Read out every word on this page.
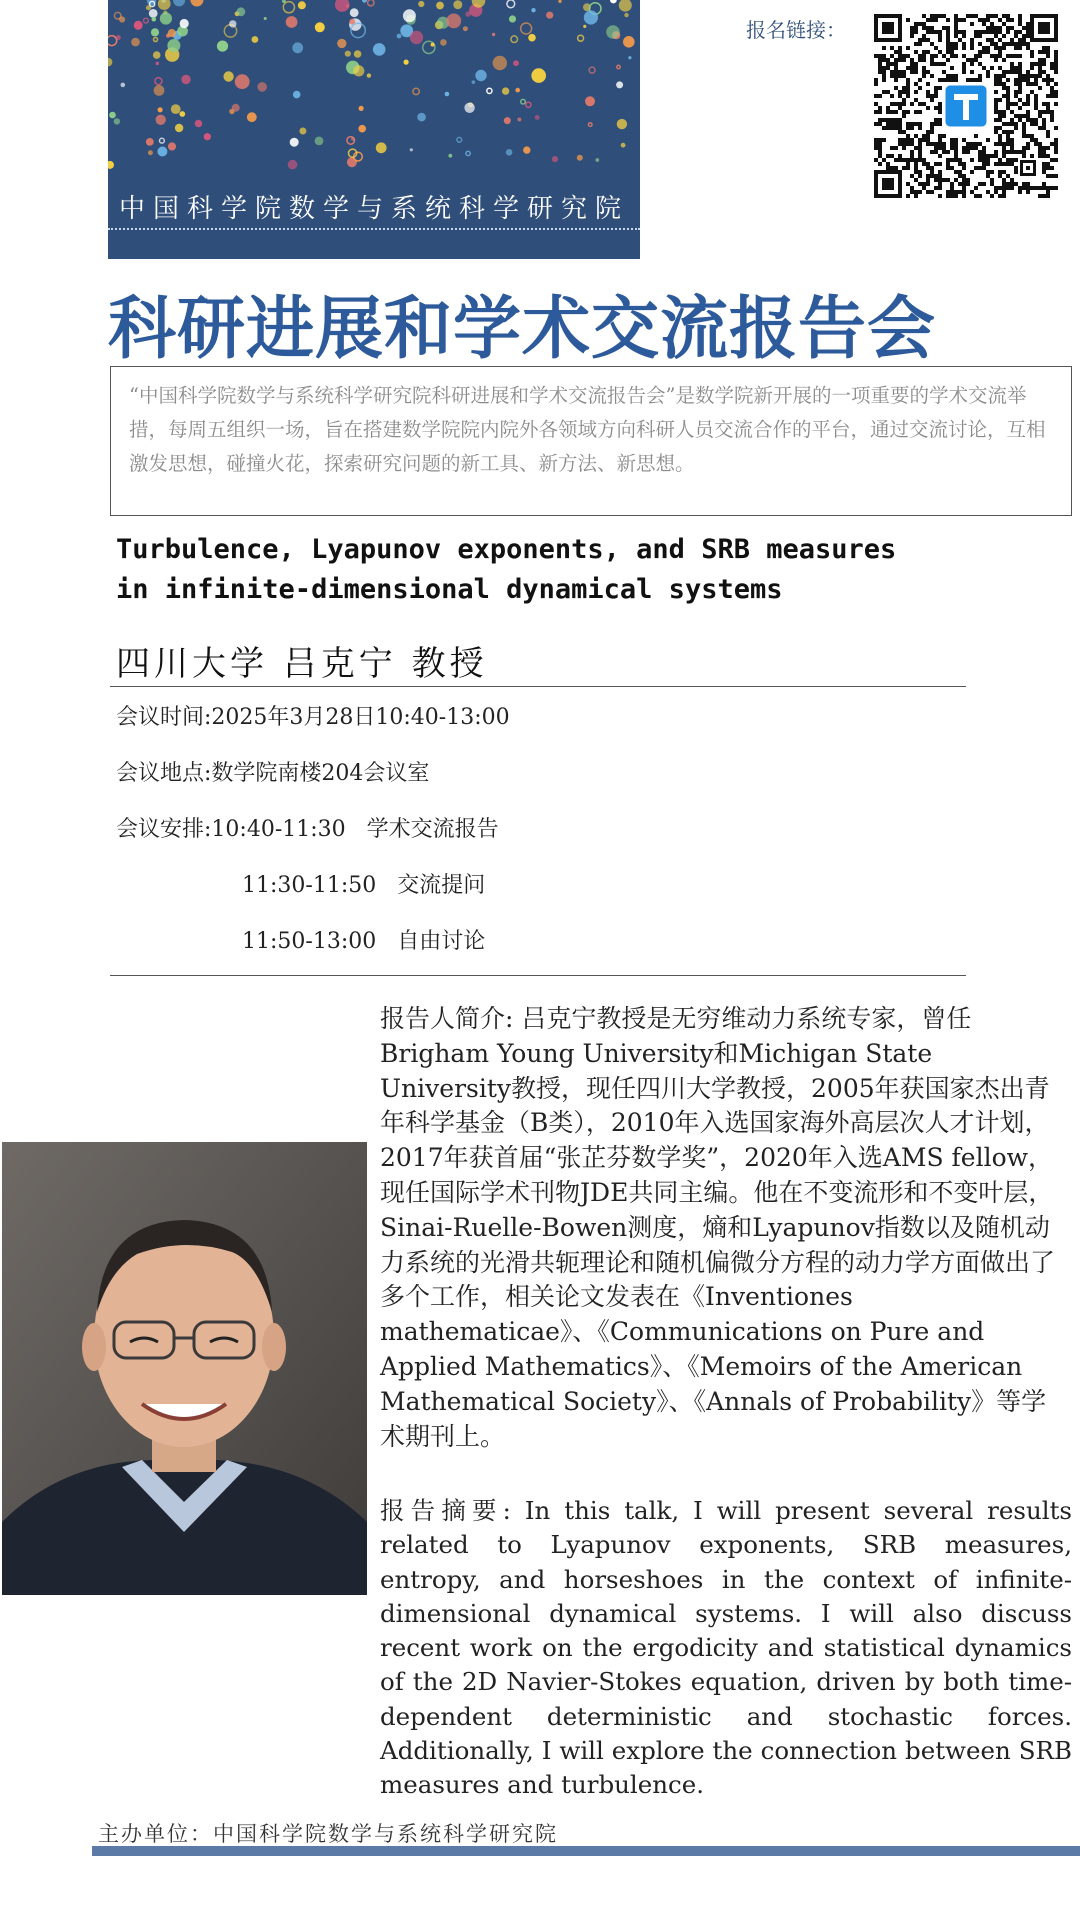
中国科学院数学与系统科学研究院
报名链接：
科研进展和学术交流报告会

“中国科学院数学与系统科学研究院科研进展和学术交流报告会”是数学院新开展的一项重要的学术交流举措，每周五组织一场，旨在搭建数学院院内院外各领域方向科研人员交流合作的平台，通过交流讨论，互相激发思想，碰撞火花，探索研究问题的新工具、新方法、新思想。

Turbulence, Lyapunov exponents, and SRB measures
in infinite-dimensional dynamical systems
四川大学 吕克宁 教授
会议时间:2025年3月28日10:40-13:00
会议地点:数学院南楼204会议室
会议安排:10:40-11:30   学术交流报告
11:30-11:50   交流提问
11:50-13:00   自由讨论

报告人简介: 吕克宁教授是无穷维动力系统专家，曾任Brigham Young University和Michigan State University教授，现任四川大学教授，2005年获国家杰出青年科学基金（B类），2010年入选国家海外高层次人才计划，2017年获首届“张芷芬数学奖”，2020年入选AMS fellow，现任国际学术刊物JDE共同主编。他在不变流形和不变叶层，Sinai-Ruelle-Bowen测度，熵和Lyapunov指数以及随机动力系统的光滑共轭理论和随机偏微分方程的动力学方面做出了多个工作，相关论文发表在《Inventiones mathematicae》、《Communications on Pure and Applied Mathematics》、《Memoirs of the American Mathematical Society》、《Annals of Probability》等学术期刊上。

报告摘要: In this talk, I will present several results related to Lyapunov exponents, SRB measures, entropy, and horseshoes in the context of infinite-dimensional dynamical systems. I will also discuss recent work on the ergodicity and statistical dynamics of the 2D Navier-Stokes equation, driven by both time-dependent deterministic and stochastic forces. Additionally, I will explore the connection between SRB measures and turbulence.
主办单位：中国科学院数学与系统科学研究院
